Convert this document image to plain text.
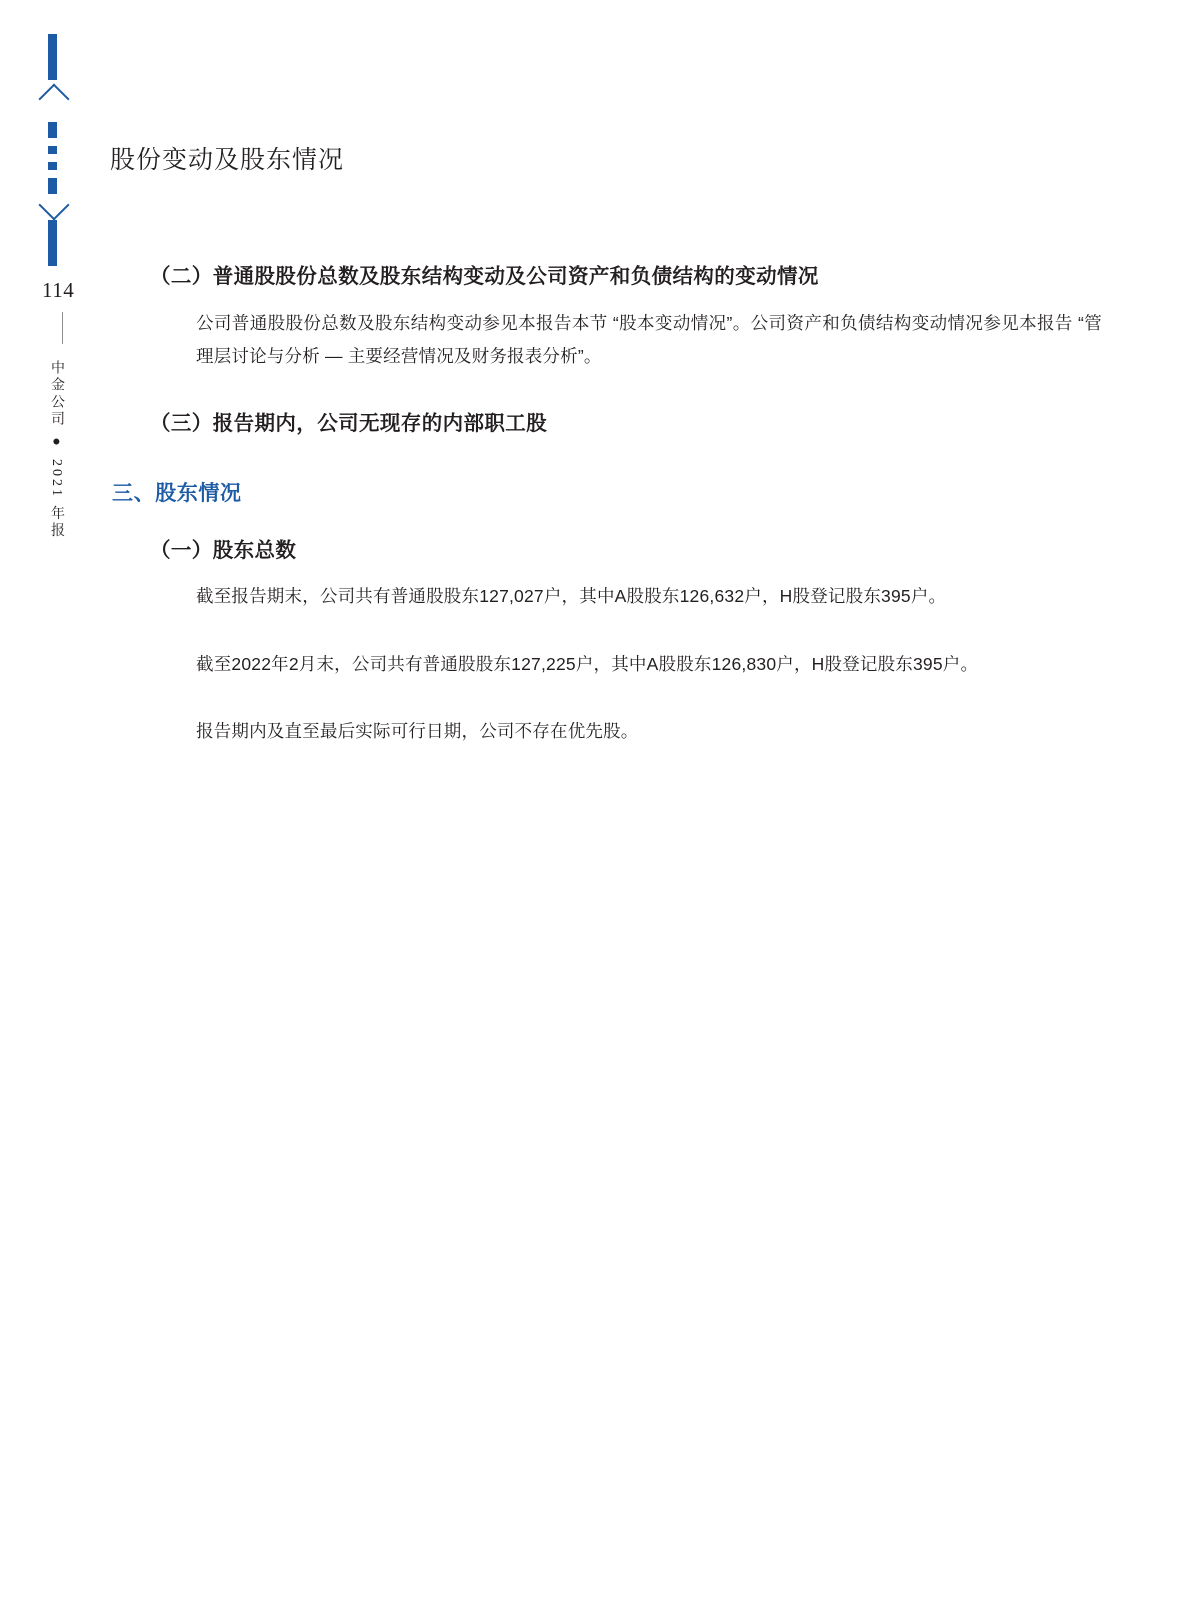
114
中金公司 ● 2021 年报
股份变动及股东情况
（二）普通股股份总数及股东结构变动及公司资产和负债结构的变动情况

公司普通股股份总数及股东结构变动参见本报告本节 “股本变动情况”。公司资产和负债结构变动情况参见本报告 “管理层讨论与分析 — 主要经营情况及财务报表分析”。

（三）报告期内，公司无现存的内部职工股
三、股东情况
（一）股东总数

截至报告期末，公司共有普通股股东127,027户，其中A股股东126,632户，H股登记股东395户。

截至2022年2月末，公司共有普通股股东127,225户，其中A股股东126,830户，H股登记股东395户。

报告期内及直至最后实际可行日期，公司不存在优先股。
